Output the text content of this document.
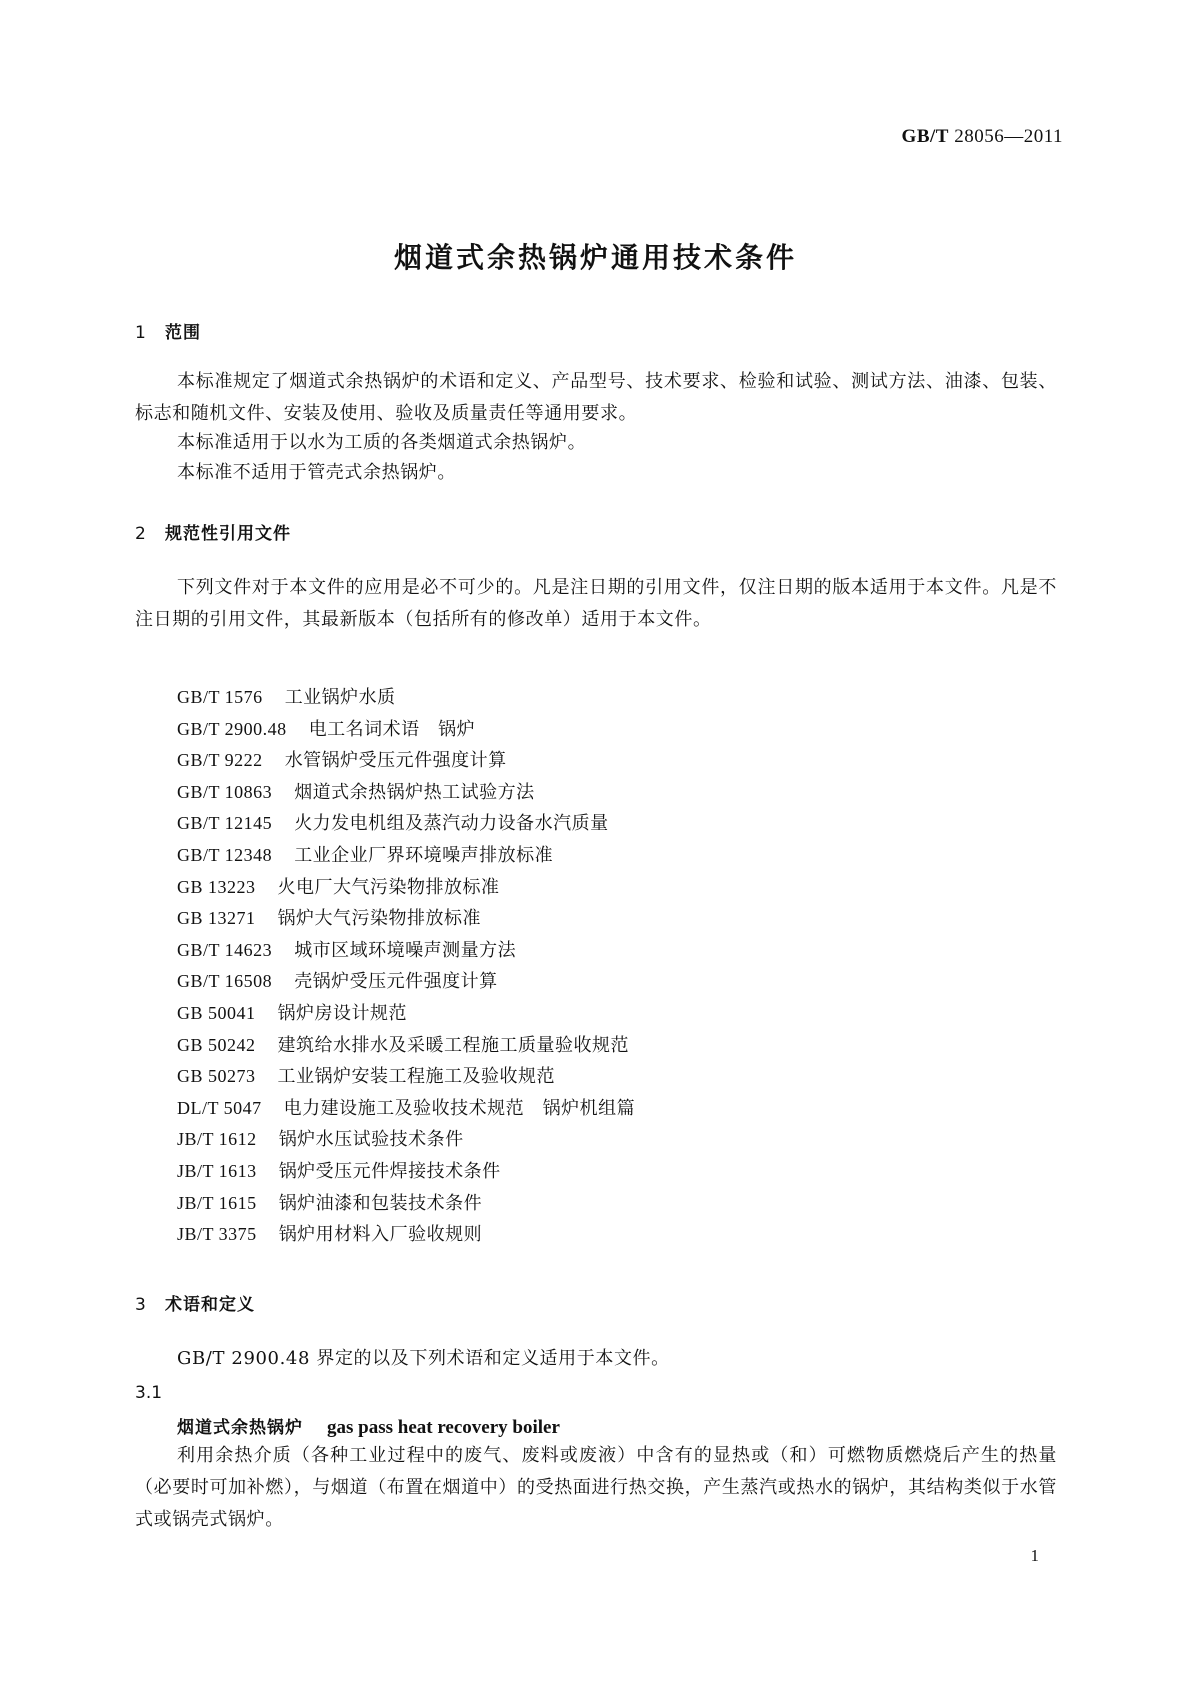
GB/T 28056—2011
烟道式余热锅炉通用技术条件
1 范围

本标准规定了烟道式余热锅炉的术语和定义、产品型号、技术要求、检验和试验、测试方法、油漆、包装、标志和随机文件、安装及使用、验收及质量责任等通用要求。

本标准适用于以水为工质的各类烟道式余热锅炉。
本标准不适用于管壳式余热锅炉。
2 规范性引用文件

下列文件对于本文件的应用是必不可少的。凡是注日期的引用文件，仅注日期的版本适用于本文件。凡是不注日期的引用文件，其最新版本（包括所有的修改单）适用于本文件。

GB/T 1576 工业锅炉水质
GB/T 2900.48 电工名词术语　锅炉
GB/T 9222 水管锅炉受压元件强度计算
GB/T 10863 烟道式余热锅炉热工试验方法
GB/T 12145 火力发电机组及蒸汽动力设备水汽质量
GB/T 12348 工业企业厂界环境噪声排放标准
GB 13223 火电厂大气污染物排放标准
GB 13271 锅炉大气污染物排放标准
GB/T 14623 城市区域环境噪声测量方法
GB/T 16508 壳锅炉受压元件强度计算
GB 50041 锅炉房设计规范
GB 50242 建筑给水排水及采暖工程施工质量验收规范
GB 50273 工业锅炉安装工程施工及验收规范
DL/T 5047 电力建设施工及验收技术规范　锅炉机组篇
JB/T 1612 锅炉水压试验技术条件
JB/T 1613 锅炉受压元件焊接技术条件
JB/T 1615 锅炉油漆和包装技术条件
JB/T 3375 锅炉用材料入厂验收规则
3 术语和定义
GB/T 2900.48 界定的以及下列术语和定义适用于本文件。
3.1
烟道式余热锅炉 gas pass heat recovery boiler

利用余热介质（各种工业过程中的废气、废料或废液）中含有的显热或（和）可燃物质燃烧后产生的热量（必要时可加补燃），与烟道（布置在烟道中）的受热面进行热交换，产生蒸汽或热水的锅炉，其结构类似于水管式或锅壳式锅炉。

1
